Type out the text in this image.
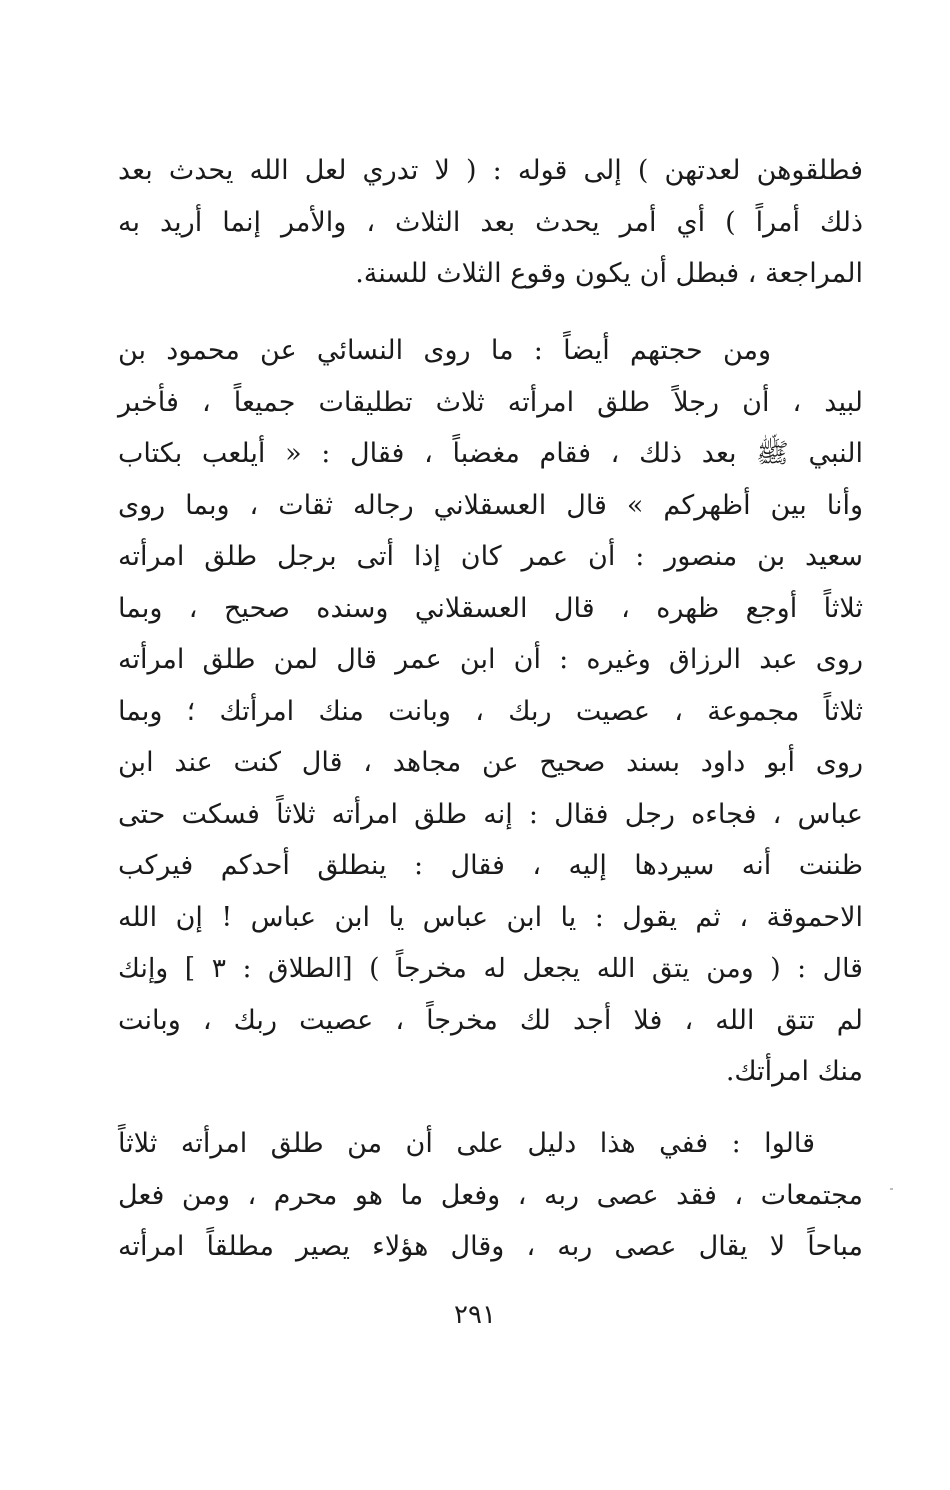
فطلقوهن لعدتهن ) إلى قوله : ( لا تدري لعل الله يحدث بعد
ذلك أمراً ) أي أمر يحدث بعد الثلاث ، والأمر إنما أريد به
المراجعة ، فبطل أن يكون وقوع الثلاث للسنة.
ومن حجتهم أيضاً : ما روى النسائي عن محمود بن
لبيد ، أن رجلاً طلق امرأته ثلاث تطليقات جميعاً ، فأخبر
النبي ﷺ بعد ذلك ، فقام مغضباً ، فقال : « أيلعب بكتاب
وأنا بين أظهركم » قال العسقلاني رجاله ثقات ، وبما روى
سعيد بن منصور : أن عمر كان إذا أتى برجل طلق امرأته
ثلاثاً أوجع ظهره ، قال العسقلاني وسنده صحيح ، وبما
روى عبد الرزاق وغيره : أن ابن عمر قال لمن طلق امرأته
ثلاثاً مجموعة ، عصيت ربك ، وبانت منك امرأتك ؛ وبما
روى أبو داود بسند صحيح عن مجاهد ، قال كنت عند ابن
عباس ، فجاءه رجل فقال : إنه طلق امرأته ثلاثاً فسكت حتى
ظننت أنه سيردها إليه ، فقال : ينطلق أحدكم فيركب
الاحموقة ، ثم يقول : يا ابن عباس يا ابن عباس ! إن الله
قال : ( ومن يتق الله يجعل له مخرجاً ) [الطلاق : ٣ ] وإنك
لم تتق الله ، فلا أجد لك مخرجاً ، عصيت ربك ، وبانت
منك امرأتك.
قالوا : ففي هذا دليل على أن من طلق امرأته ثلاثاً
مجتمعات ، فقد عصى ربه ، وفعل ما هو محرم ، ومن فعل
مباحاً لا يقال عصى ربه ، وقال هؤلاء يصير مطلقاً امرأته
٢٩١
